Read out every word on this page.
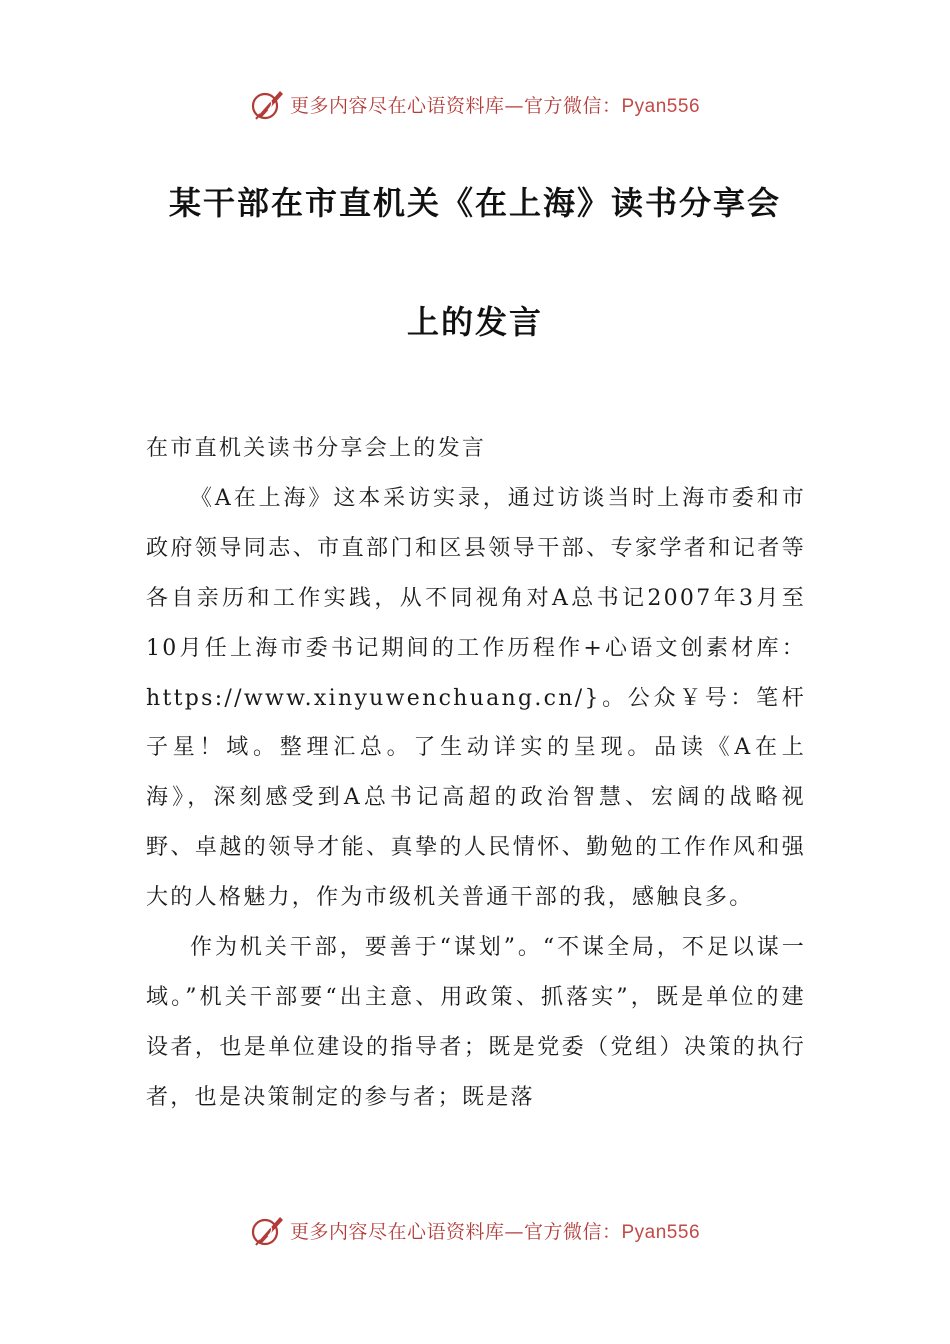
更多内容尽在心语资料库—官方微信：Pyan556
某干部在市直机关《在上海》读书分享会
上的发言

在市直机关读书分享会上的发言

《A在上海》这本采访实录，通过访谈当时上海市委和市政府领导同志、市直部门和区县领导干部、专家学者和记者等各自亲历和工作实践，从不同视角对A总书记2007年3月至10月任上海市委书记期间的工作历程作+心语文创素材库：https://www.xinyuwenchuang.cn/}。公众￥号：笔杆子星！域。整理汇总。了生动详实的呈现。品读《A在上海》，深刻感受到A总书记高超的政治智慧、宏阔的战略视野、卓越的领导才能、真挚的人民情怀、勤勉的工作作风和强大的人格魅力，作为市级机关普通干部的我，感触良多。

作为机关干部，要善于“谋划”。“不谋全局，不足以谋一域。”机关干部要“出主意、用政策、抓落实”，既是单位的建设者，也是单位建设的指导者；既是党委（党组）决策的执行者，也是决策制定的参与者；既是落

更多内容尽在心语资料库—官方微信：Pyan556
